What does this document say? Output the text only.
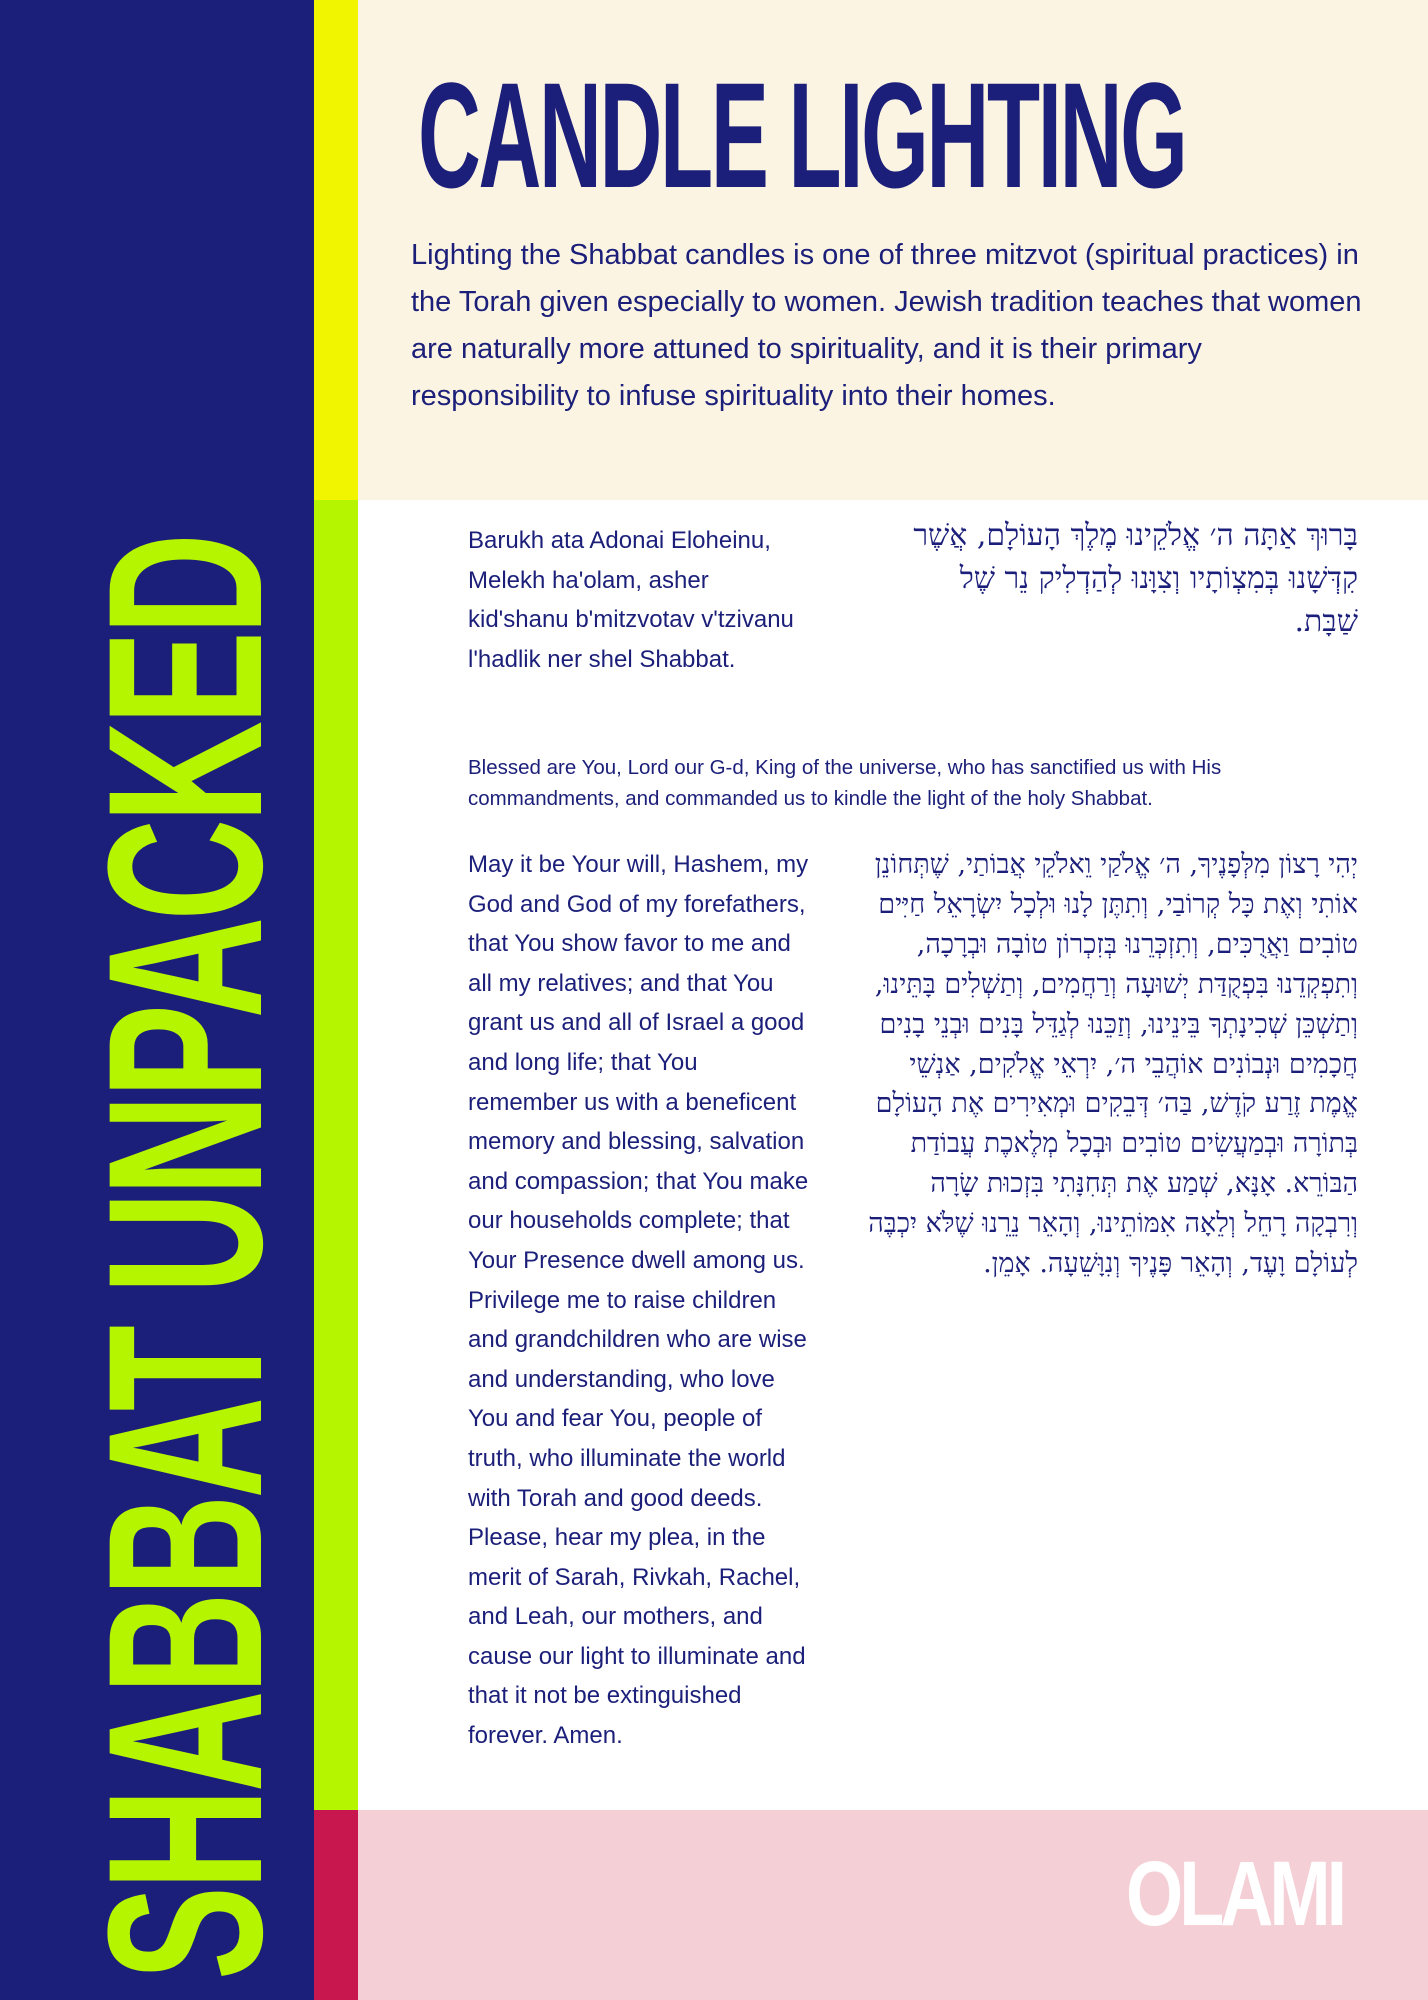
SHABBAT UNPACKED
CANDLE LIGHTING

Lighting the Shabbat candles is one of three mitzvot (spiritual practices) in the Torah given especially to women. Jewish tradition teaches that women are naturally more attuned to spirituality, and it is their primary responsibility to infuse spirituality into their homes.

Barukh ata Adonai Eloheinu, Melekh ha'olam, asher kid'shanu b'mitzvotav v'tzivanu l'hadlik ner shel Shabbat.
בָּרוּךְ אַתָּה ה׳ אֱלֹקֵינוּ מֶלֶךְ הָעוֹלָם, אֲשֶׁר קִדְּשָׁנוּ בְּמִצְוֹתָיו וְצִוָּנוּ לְהַדְלִיק נֵר שֶׁל שַׁבָּת.

Blessed are You, Lord our G-d, King of the universe, who has sanctified us with His commandments, and commanded us to kindle the light of the holy Shabbat.

May it be Your will, Hashem, my
God and God of my forefathers,
that You show favor to me and
all my relatives; and that You
grant us and all of Israel a good
and long life; that You
remember us with a beneficent
memory and blessing, salvation
and compassion; that You make
our households complete; that
Your Presence dwell among us.
Privilege me to raise children
and grandchildren who are wise
and understanding, who love
You and fear You, people of
truth, who illuminate the world
with Torah and good deeds.
Please, hear my plea, in the
merit of Sarah, Rivkah, Rachel,
and Leah, our mothers, and
cause our light to illuminate and
that it not be extinguished
forever. Amen.
יְהִי רָצוֹן מִלְּפָנֶיךָ, ה׳ אֱלֹקַי וֵאלֹקֵי אֲבוֹתַי, שֶׁתְּחוֹנֵן אוֹתִי וְאֶת כָּל קְרוֹבַי, וְתִתֶּן לָנוּ וּלְכָל יִשְׂרָאֵל חַיִּים טוֹבִים וַאֲרֻכִּים, וְתִזְכְּרֵנוּ בְּזִכְרוֹן טוֹבָה וּבְרָכָה, וְתִפְקְדֵנוּ בִּפְקֻדַּת יְשׁוּעָה וְרַחֲמִים, וְתַשְׁלִים בָּתֵּינוּ, וְתַשְׁכֵּן שְׁכִינָתְךָ בֵּינֵינוּ, וְזַכֵּנוּ לְגַדֵּל בָּנִים וּבְנֵי בָנִים חֲכָמִים וּנְבוֹנִים אוֹהֲבֵי ה׳, יִרְאֵי אֱלֹקִים, אַנְשֵׁי אֱמֶת זֶרַע קֹדֶשׁ, בַּה׳ דְּבֵקִים וּמְאִירִים אֶת הָעוֹלָם בְּתוֹרָה וּבְמַעֲשִׂים טוֹבִים וּבְכָל מְלֶאכֶת עֲבוֹדַת הַבּוֹרֵא. אָנָּא, שְׁמַע אֶת תְּחִנָּתִי בִּזְכוּת שָׂרָה וְרִבְקָה רָחֵל וְלֵאָה אִמּוֹתֵינוּ, וְהָאֵר נֵרֵנוּ שֶׁלֹּא יִכְבֶּה לְעוֹלָם וָעֶד, וְהָאֵר פָּנֶיךָ וְנִוָּשֵׁעָה. אָמֵן.
OLAMI
